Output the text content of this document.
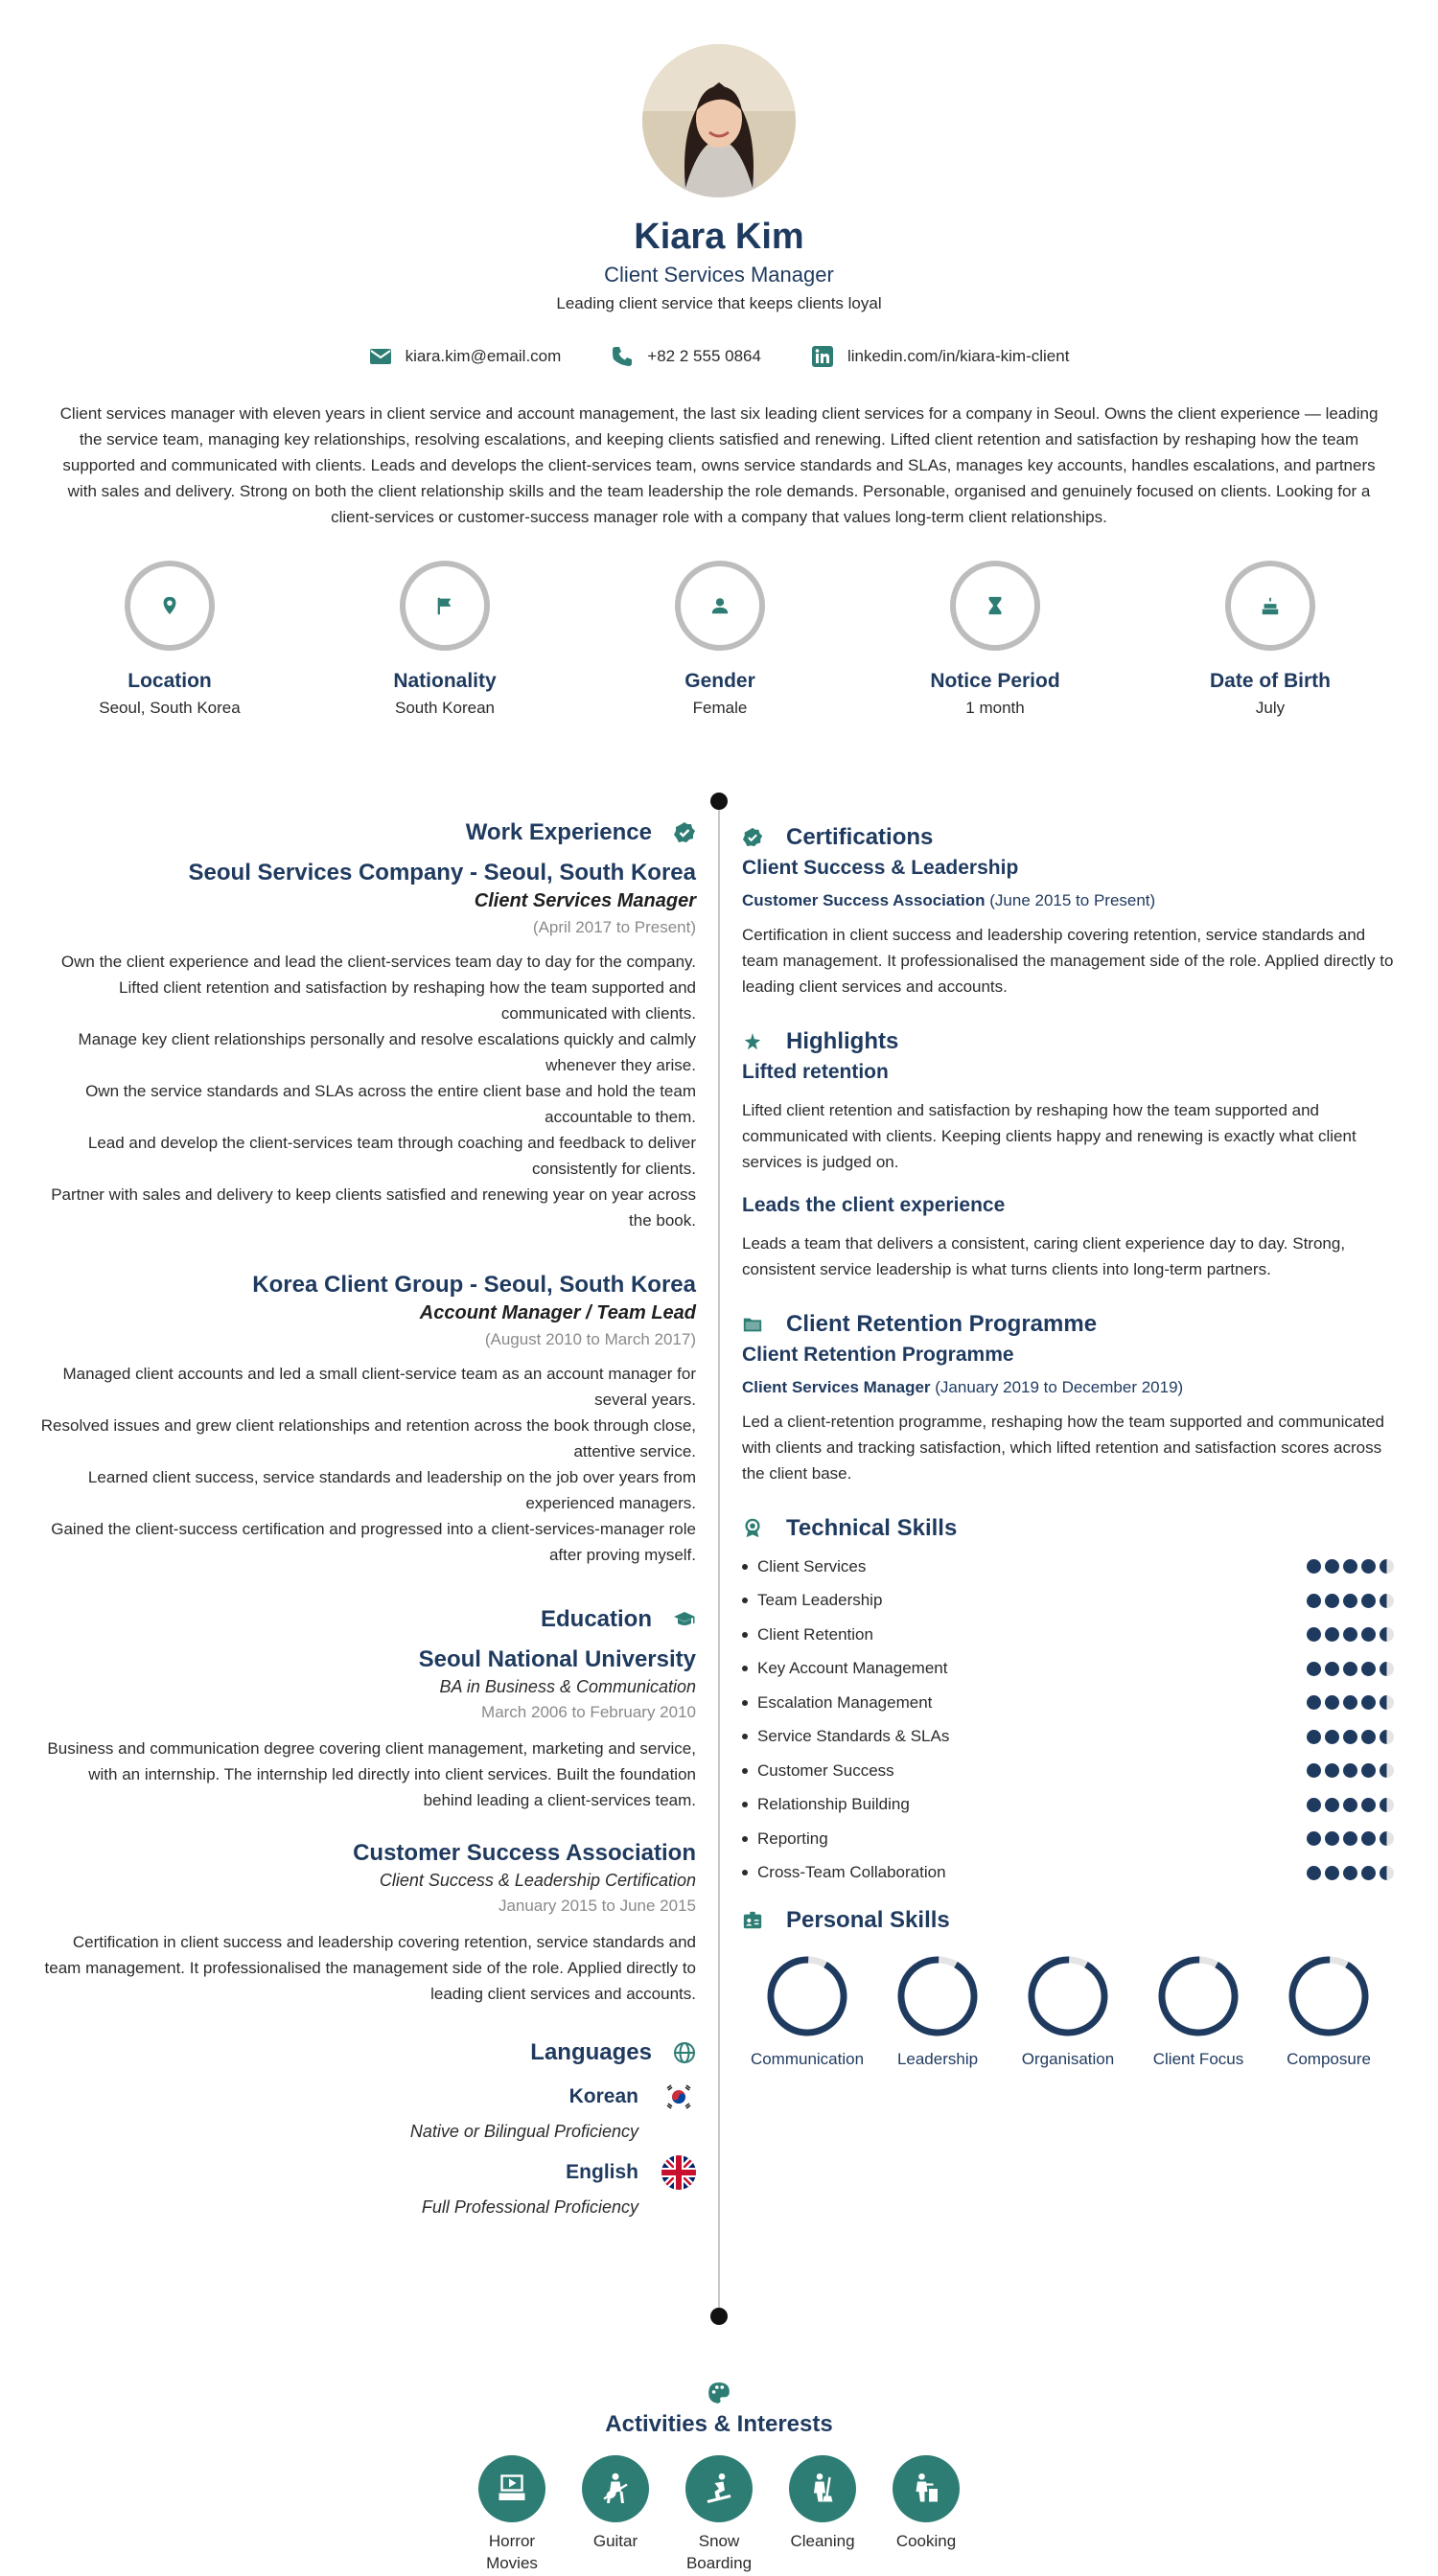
Kiara Kim
Client Services Manager
Leading client service that keeps clients loyal
kiara.kim@email.com	+82 2 555 0864	linkedin.com/in/kiara-kim-client
Client services manager with eleven years in client service and account management, the last six leading client services for a company in Seoul. Owns the client experience — leading the service team, managing key relationships, resolving escalations, and keeping clients satisfied and renewing. Lifted client retention and satisfaction by reshaping how the team supported and communicated with clients. Leads and develops the client-services team, owns service standards and SLAs, manages key accounts, handles escalations, and partners with sales and delivery. Strong on both the client relationship skills and the team leadership the role demands. Personable, organised and genuinely focused on clients. Looking for a client-services or customer-success manager role with a company that values long-term client relationships.
Location
Seoul, South Korea
Nationality
South Korean
Gender
Female
Notice Period
1 month
Date of Birth
July
Work Experience
Seoul Services Company - Seoul, South Korea
Client Services Manager
(April 2017 to Present)
Own the client experience and lead the client-services team day to day for the company.
Lifted client retention and satisfaction by reshaping how the team supported and communicated with clients.
Manage key client relationships personally and resolve escalations quickly and calmly whenever they arise.
Own the service standards and SLAs across the entire client base and hold the team accountable to them.
Lead and develop the client-services team through coaching and feedback to deliver consistently for clients.
Partner with sales and delivery to keep clients satisfied and renewing year on year across the book.
Korea Client Group - Seoul, South Korea
Account Manager / Team Lead
(August 2010 to March 2017)
Managed client accounts and led a small client-service team as an account manager for several years.
Resolved issues and grew client relationships and retention across the book through close, attentive service.
Learned client success, service standards and leadership on the job over years from experienced managers.
Gained the client-success certification and progressed into a client-services-manager role after proving myself.
Education
Seoul National University
BA in Business & Communication
March 2006 to February 2010
Business and communication degree covering client management, marketing and service, with an internship. The internship led directly into client services. Built the foundation behind leading a client-services team.
Customer Success Association
Client Success & Leadership Certification
January 2015 to June 2015
Certification in client success and leadership covering retention, service standards and team management. It professionalised the management side of the role. Applied directly to leading client services and accounts.
Languages
Korean
Native or Bilingual Proficiency
English
Full Professional Proficiency
Certifications
Client Success & Leadership
Customer Success Association (June 2015 to Present)
Certification in client success and leadership covering retention, service standards and team management. It professionalised the management side of the role. Applied directly to leading client services and accounts.
Highlights
Lifted retention
Lifted client retention and satisfaction by reshaping how the team supported and communicated with clients. Keeping clients happy and renewing is exactly what client services is judged on.
Leads the client experience
Leads a team that delivers a consistent, caring client experience day to day. Strong, consistent service leadership is what turns clients into long-term partners.
Client Retention Programme
Client Retention Programme
Client Services Manager (January 2019 to December 2019)
Led a client-retention programme, reshaping how the team supported and communicated with clients and tracking satisfaction, which lifted retention and satisfaction scores across the client base.
Technical Skills
Client Services
Team Leadership
Client Retention
Key Account Management
Escalation Management
Service Standards & SLAs
Customer Success
Relationship Building
Reporting
Cross-Team Collaboration
Personal Skills
Communication	Leadership	Organisation	Client Focus	Composure
Activities & Interests
Horror Movies
Guitar	Snow Boarding
Cleaning	Cooking
